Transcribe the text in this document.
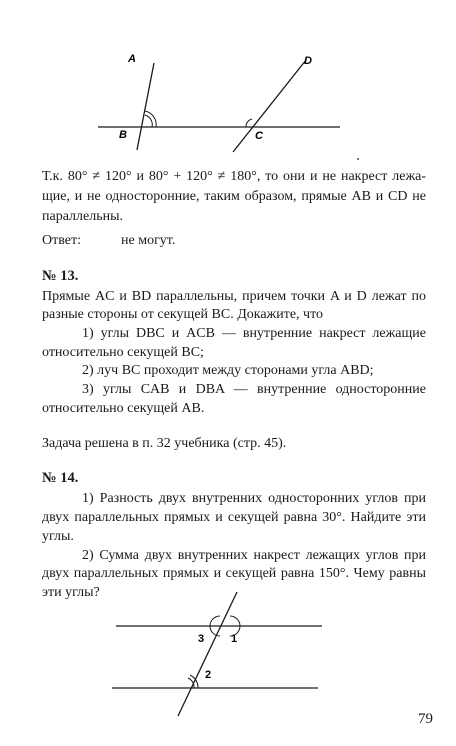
A
B	C
D
Т.к. 80° ≠ 120° и 80° + 120° ≠ 180°, то они и не накрест лежа-
щие, и не односторонние, таким образом, прямые AB и CD не
параллельны.
Ответ:	не могут.
№ 13.
Прямые AC и BD параллельны, причем точки A и D лежат по
разные стороны от секущей BC. Докажите, что
1) углы DBC и ACB — внутренние накрест лежащие
относительно секущей BC;
2) луч BC проходит между сторонами угла ABD;
3) углы CAB и DBA — внутренние односторонние
относительно секущей AB.
Задача решена в п. 32 учебника (стр. 45).
№ 14.
1) Разность двух внутренних односторонних углов при
двух параллельных прямых и секущей равна 30°. Найдите эти
углы.
2) Сумма двух внутренних накрест лежащих углов при
двух параллельных прямых и секущей равна 150°. Чему равны
эти углы?
3 1
2
79
